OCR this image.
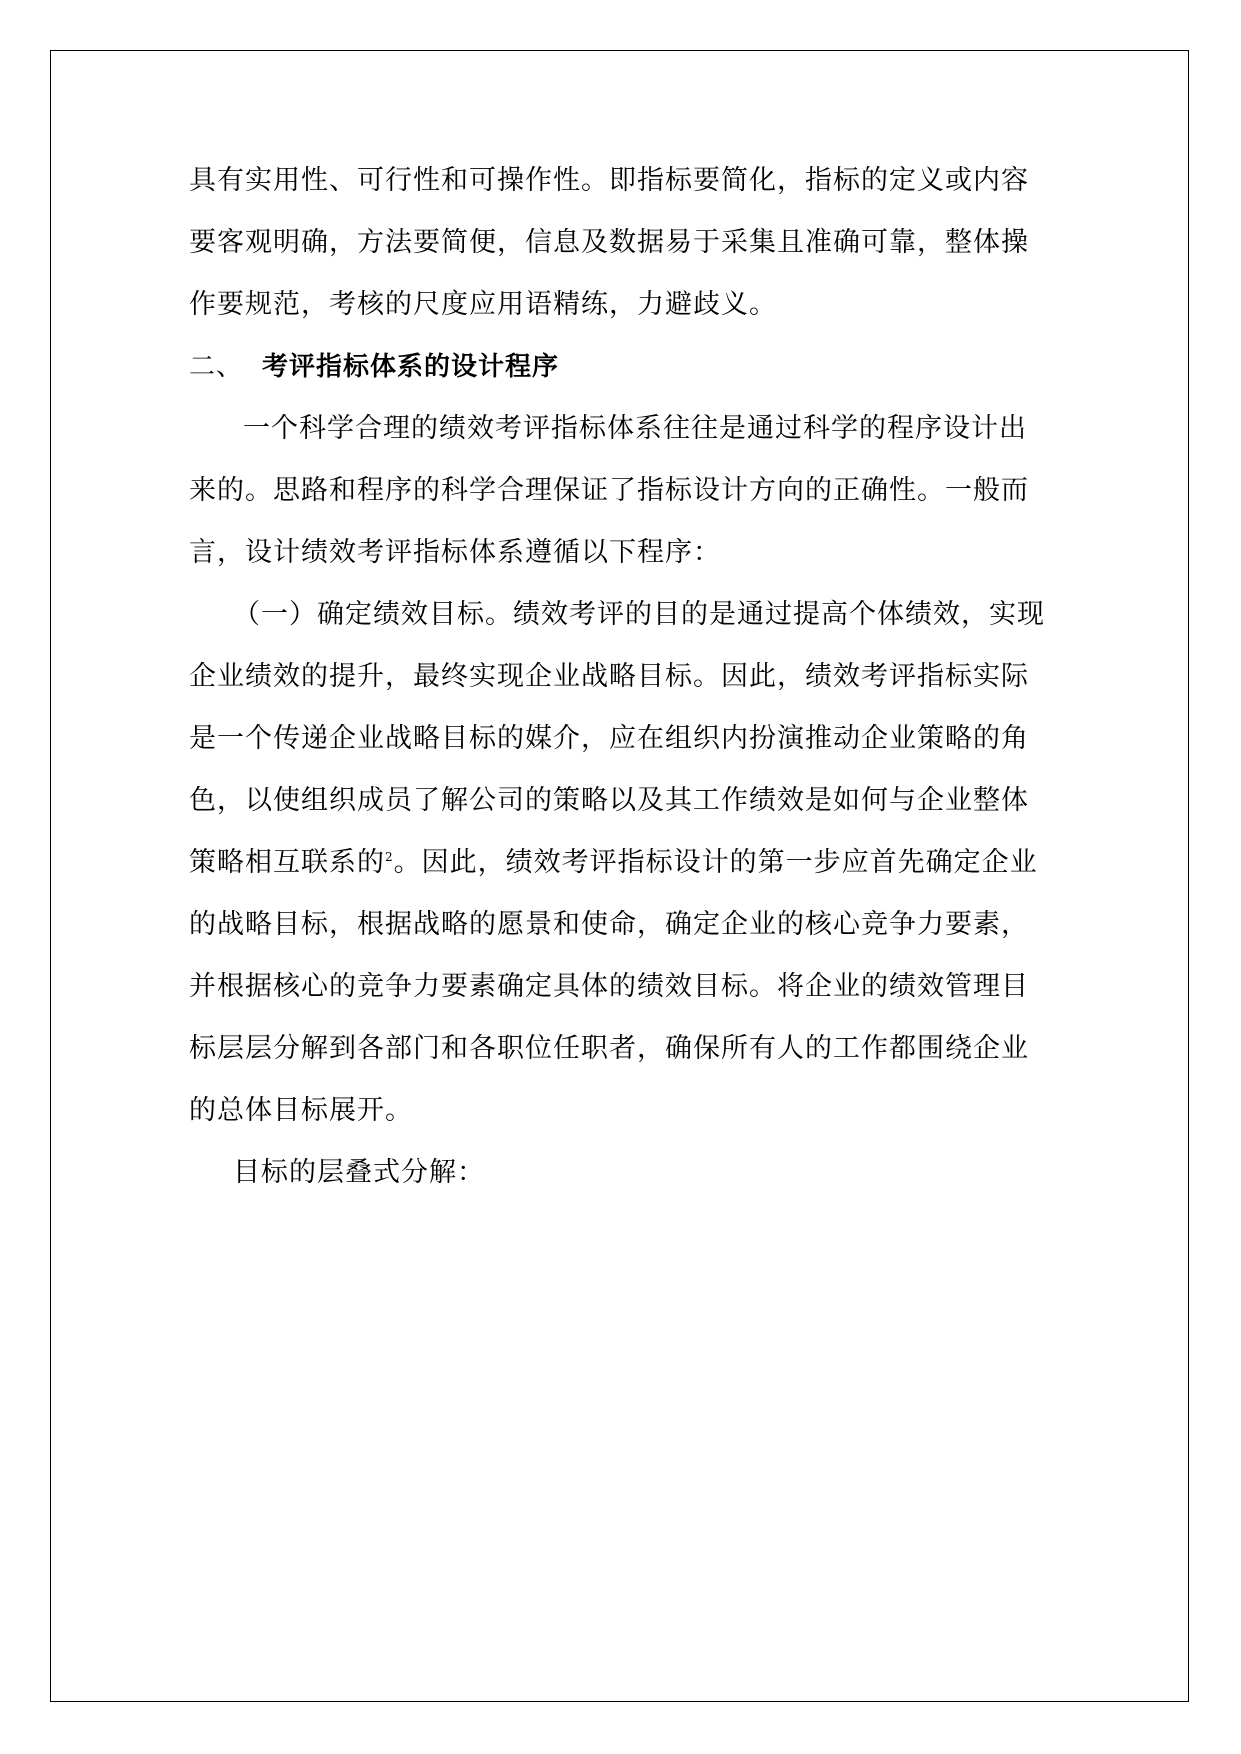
具有实用性、可行性和可操作性。即指标要简化，指标的定义或内容
要客观明确，方法要简便，信息及数据易于采集且准确可靠，整体操
作要规范，考核的尺度应用语精练，力避歧义。
二、 考评指标体系的设计程序
一个科学合理的绩效考评指标体系往往是通过科学的程序设计出
来的。思路和程序的科学合理保证了指标设计方向的正确性。一般而
言，设计绩效考评指标体系遵循以下程序：
（一）确定绩效目标。绩效考评的目的是通过提高个体绩效，实现
企业绩效的提升，最终实现企业战略目标。因此，绩效考评指标实际
是一个传递企业战略目标的媒介，应在组织内扮演推动企业策略的角
色，以使组织成员了解公司的策略以及其工作绩效是如何与企业整体
策略相互联系的$^2$。因此，绩效考评指标设计的第一步应首先确定企业
的战略目标，根据战略的愿景和使命，确定企业的核心竞争力要素，
并根据核心的竞争力要素确定具体的绩效目标。将企业的绩效管理目
标层层分解到各部门和各职位任职者，确保所有人的工作都围绕企业
的总体目标展开。
目标的层叠式分解：
